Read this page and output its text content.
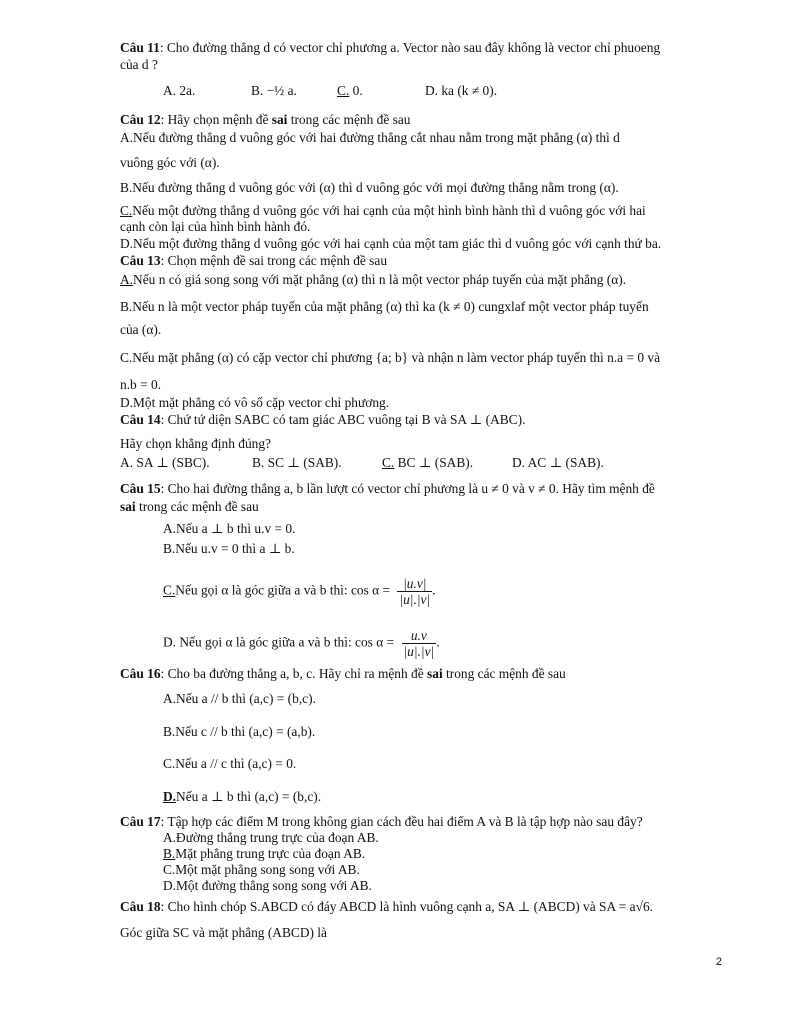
Câu 11: Cho đường thẳng d có vector chỉ phương a. Vector nào sau đây không là vector chỉ phuoeng
của d ?
A. 2a.	B. −½ a.	C. 0.	D. ka (k ≠ 0).
Câu 12: Hãy chọn mệnh đề sai trong các mệnh đề sau
A.Nếu đường thẳng d vuông góc với hai đường thẳng cắt nhau nằm trong mặt phẳng (α) thì d
vuông góc với (α).
B.Nếu đường thẳng d vuông góc với (α) thì d vuông góc với mọi đường thẳng nằm trong (α).
C.Nếu một đường thẳng d vuông góc với hai cạnh của một hình bình hành thì d vuông góc với hai
cạnh còn lại của hình bình hành đó.
D.Nếu một đường thẳng d vuông góc với hai cạnh của một tam giác thì d vuông góc với cạnh thứ ba.
Câu 13: Chọn mệnh đề sai trong các mệnh đề sau
A.Nếu n có giá song song với mặt phẳng (α) thì n là một vector pháp tuyến của mặt phẳng (α).
B.Nếu n là một vector pháp tuyến của mặt phẳng (α) thì ka (k ≠ 0) cungxlaf một vector pháp tuyến
của (α).
C.Nếu mặt phẳng (α) có cặp vector chỉ phương {a; b} và nhận n làm vector pháp tuyến thì n.a = 0 và
n.b = 0.
D.Một mặt phẳng có vô số cặp vector chỉ phương.
Câu 14: Chứ tứ diện SABC có tam giác ABC vuông tại B và SA ⊥ (ABC).
Hãy chọn khẳng định đúng?
A. SA ⊥ (SBC).	B. SC ⊥ (SAB).	C. BC ⊥ (SAB).	D. AC ⊥ (SAB).
Câu 15: Cho hai đường thẳng a, b lần lượt có vector chỉ phương là u ≠ 0 và v ≠ 0. Hãy tìm mệnh đề
sai trong các mệnh đề sau
A.Nếu a ⊥ b thì u.v = 0.
B.Nếu u.v = 0 thì a ⊥ b.
C.Nếu gọi α là góc giữa a và b thì: $\cos \alpha = \frac{|u.v|}{|u|.|v|}$ .
D. Nếu gọi α là góc giữa a và b thì: $\cos \alpha = \frac{u.v}{|u|.|v|}$ .
Câu 16: Cho ba đường thẳng a, b, c. Hãy chỉ ra mệnh đề sai trong các mệnh đề sau
A.Nếu a // b thì (a,c) = (b,c).
B.Nếu c // b thì (a,c) = (a,b).
C.Nếu a // c thì (a,c) = 0.
D.Nếu a ⊥ b thì (a,c) = (b,c).
Câu 17: Tập hợp các điểm M trong không gian cách đều hai điểm A và B là tập hợp nào sau đây?
A.Đường thẳng trung trực của đoạn AB.
B.Mặt phẳng trung trực của đoạn AB.
C.Một mặt phẳng song song với AB.
D.Một đường thẳng song song với AB.
Câu 18: Cho hình chóp S.ABCD có đáy ABCD là hình vuông cạnh a, SA ⊥ (ABCD) và SA = a√6.
Góc giữa SC và mặt phẳng (ABCD) là
2
